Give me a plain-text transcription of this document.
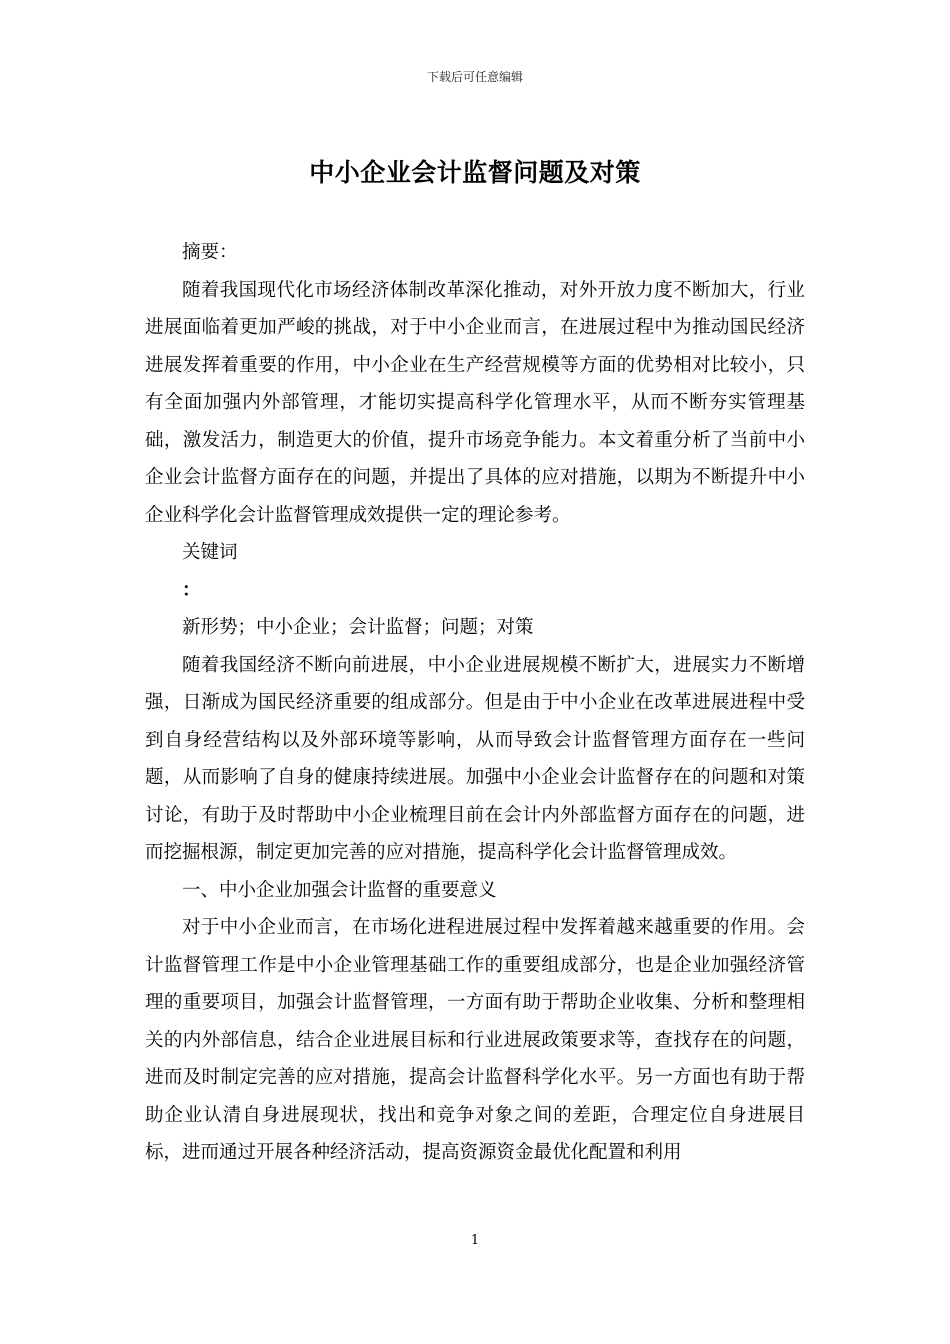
下载后可任意编辑
中小企业会计监督问题及对策

摘要：

随着我国现代化市场经济体制改革深化推动，对外开放力度不断加大，行业进展面临着更加严峻的挑战，对于中小企业而言，在进展过程中为推动国民经济进展发挥着重要的作用，中小企业在生产经营规模等方面的优势相对比较小，只有全面加强内外部管理，才能切实提高科学化管理水平，从而不断夯实管理基础，激发活力，制造更大的价值，提升市场竞争能力。本文着重分析了当前中小企业会计监督方面存在的问题，并提出了具体的应对措施，以期为不断提升中小企业科学化会计监督管理成效提供一定的理论参考。

关键词

：

新形势；中小企业；会计监督；问题；对策

随着我国经济不断向前进展，中小企业进展规模不断扩大，进展实力不断增强，日渐成为国民经济重要的组成部分。但是由于中小企业在改革进展进程中受到自身经营结构以及外部环境等影响，从而导致会计监督管理方面存在一些问题，从而影响了自身的健康持续进展。加强中小企业会计监督存在的问题和对策讨论，有助于及时帮助中小企业梳理目前在会计内外部监督方面存在的问题，进而挖掘根源，制定更加完善的应对措施，提高科学化会计监督管理成效。

一、中小企业加强会计监督的重要意义

对于中小企业而言，在市场化进程进展过程中发挥着越来越重要的作用。会计监督管理工作是中小企业管理基础工作的重要组成部分，也是企业加强经济管理的重要项目，加强会计监督管理，一方面有助于帮助企业收集、分析和整理相关的内外部信息，结合企业进展目标和行业进展政策要求等，查找存在的问题，进而及时制定完善的应对措施，提高会计监督科学化水平。另一方面也有助于帮助企业认清自身进展现状，找出和竞争对象之间的差距，合理定位自身进展目标，进而通过开展各种经济活动，提高资源资金最优化配置和利用

1
